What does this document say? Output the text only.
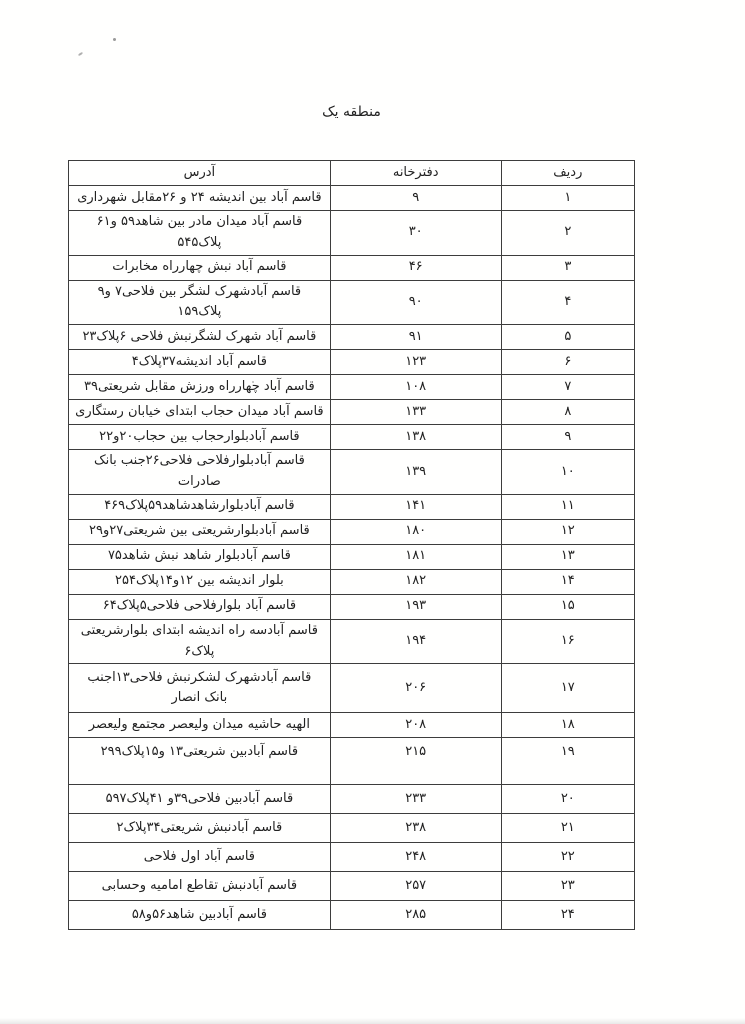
منطقه یک
ردیف	دفترخانه	آدرس
۱	۹	قاسم آباد بین اندیشه ۲۴ و ۲۶مقابل شهرداری
۲	۳۰	قاسم آباد میدان مادر بین شاهد۵۹ و۶۱ پلاک۵۴۵
۳	۴۶	قاسم آباد نبش چهارراه مخابرات
۴	۹۰	قاسم آبادشهرک لشگر بین فلاحی۷ و۹ پلاک۱۵۹
۵	۹۱	قاسم آباد شهرک لشگرنبش فلاحی ۶پلاک۲۳
۶	۱۲۳	قاسم آباد اندیشه۳۷پلاک۴
۷	۱۰۸	قاسم آباد چهارراه ورزش مقابل شریعتی۳۹
۸	۱۳۳	قاسم آباد میدان حجاب ابتدای خیابان رستگاری
۹	۱۳۸	قاسم آبادبلوارحجاب بین حجاب۲۰و۲۲
۱۰	۱۳۹	قاسم آبادبلوارفلاحی فلاحی۲۶جنب بانک صادرات
۱۱	۱۴۱	قاسم آبادبلوارشاهدشاهد۵۹پلاک۴۶۹
۱۲	۱۸۰	قاسم آبادبلوارشریعتی بین شریعتی۲۷و۲۹
۱۳	۱۸۱	قاسم آبادبلوار شاهد نبش شاهد۷۵
۱۴	۱۸۲	بلوار اندیشه بین ۱۲و۱۴پلاک۲۵۴
۱۵	۱۹۳	قاسم آباد بلوارفلاحی فلاحی۵پلاک۶۴
۱۶	۱۹۴	قاسم آبادسه راه اندیشه ابتدای بلوارشریعتی پلاک۶
۱۷	۲۰۶	قاسم آبادشهرک لشکرنبش فلاحی۱۳اجنب بانک انصار
۱۸	۲۰۸	الهیه حاشیه میدان ولیعصر مجتمع ولیعصر
۱۹	۲۱۵	قاسم آبادبین شریعتی۱۳ و۱۵پلاک۲۹۹
۲۰	۲۳۳	قاسم آبادبین فلاحی۳۹و ۴۱پلاک۵۹۷
۲۱	۲۳۸	قاسم آبادنبش شریعتی۳۴پلاک۲
۲۲	۲۴۸	قاسم آباد اول فلاحی
۲۳	۲۵۷	قاسم آبادنبش تقاطع امامیه وحسابی
۲۴	۲۸۵	قاسم آبادبین شاهد۵۶و۵۸
